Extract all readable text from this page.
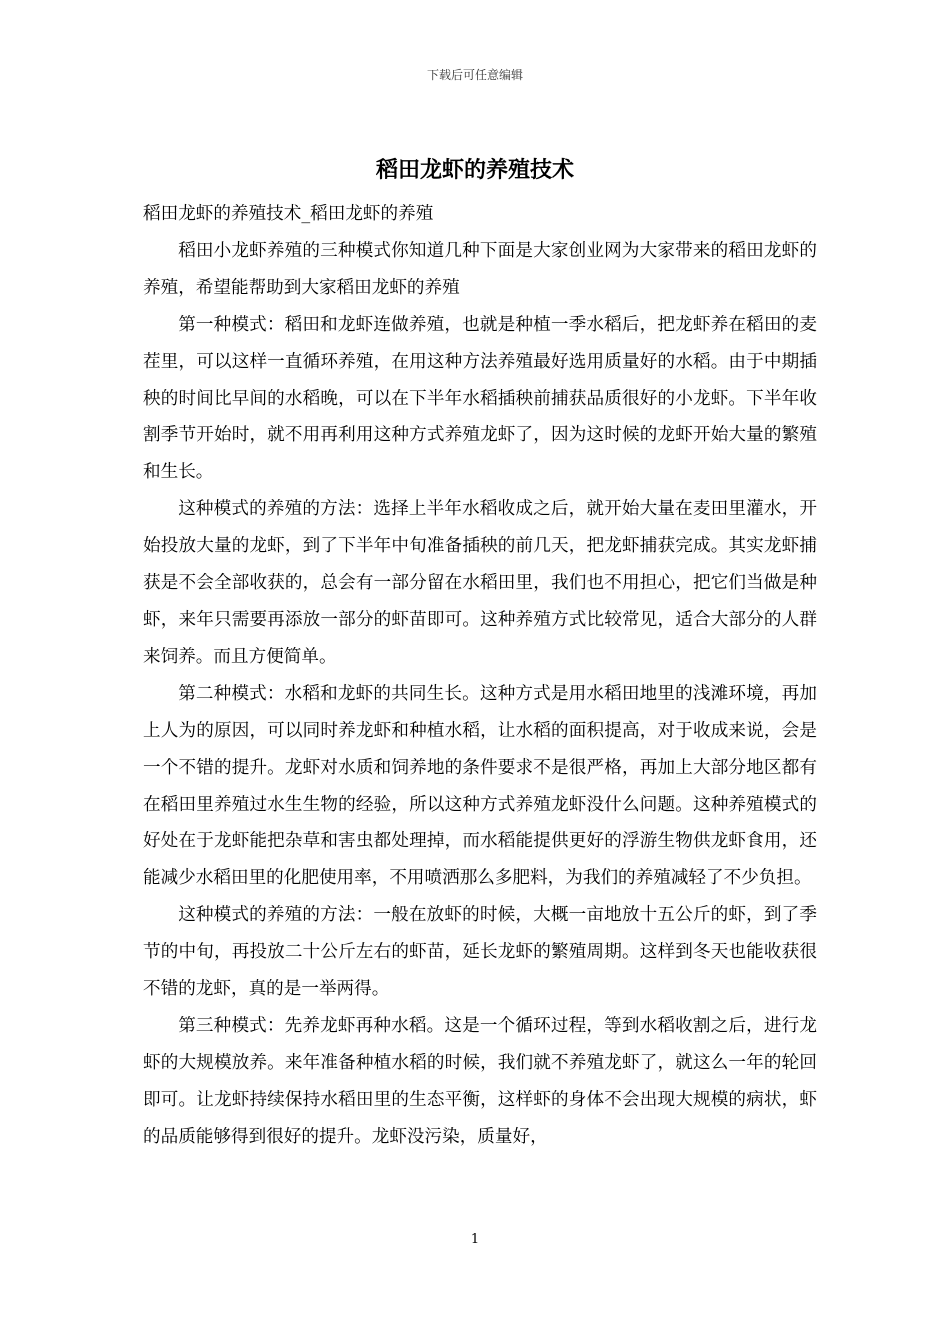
下载后可任意编辑
稻田龙虾的养殖技术

稻田龙虾的养殖技术_稻田龙虾的养殖

稻田小龙虾养殖的三种模式你知道几种下面是大家创业网为大家带来的稻田龙虾的养殖，希望能帮助到大家稻田龙虾的养殖

第一种模式：稻田和龙虾连做养殖，也就是种植一季水稻后，把龙虾养在稻田的麦茬里，可以这样一直循环养殖，在用这种方法养殖最好选用质量好的水稻。由于中期插秧的时间比早间的水稻晚，可以在下半年水稻插秧前捕获品质很好的小龙虾。下半年收割季节开始时，就不用再利用这种方式养殖龙虾了，因为这时候的龙虾开始大量的繁殖和生长。

这种模式的养殖的方法：选择上半年水稻收成之后，就开始大量在麦田里灌水，开始投放大量的龙虾，到了下半年中旬准备插秧的前几天，把龙虾捕获完成。其实龙虾捕获是不会全部收获的，总会有一部分留在水稻田里，我们也不用担心，把它们当做是种虾，来年只需要再添放一部分的虾苗即可。这种养殖方式比较常见，适合大部分的人群来饲养。而且方便简单。

第二种模式：水稻和龙虾的共同生长。这种方式是用水稻田地里的浅滩环境，再加上人为的原因，可以同时养龙虾和种植水稻，让水稻的面积提高，对于收成来说，会是一个不错的提升。龙虾对水质和饲养地的条件要求不是很严格，再加上大部分地区都有在稻田里养殖过水生生物的经验，所以这种方式养殖龙虾没什么问题。这种养殖模式的好处在于龙虾能把杂草和害虫都处理掉，而水稻能提供更好的浮游生物供龙虾食用，还能减少水稻田里的化肥使用率，不用喷洒那么多肥料，为我们的养殖减轻了不少负担。

这种模式的养殖的方法：一般在放虾的时候，大概一亩地放十五公斤的虾，到了季节的中旬，再投放二十公斤左右的虾苗，延长龙虾的繁殖周期。这样到冬天也能收获很不错的龙虾，真的是一举两得。

第三种模式：先养龙虾再种水稻。这是一个循环过程，等到水稻收割之后，进行龙虾的大规模放养。来年准备种植水稻的时候，我们就不养殖龙虾了，就这么一年的轮回即可。让龙虾持续保持水稻田里的生态平衡，这样虾的身体不会出现大规模的病状，虾的品质能够得到很好的提升。龙虾没污染，质量好，

1
